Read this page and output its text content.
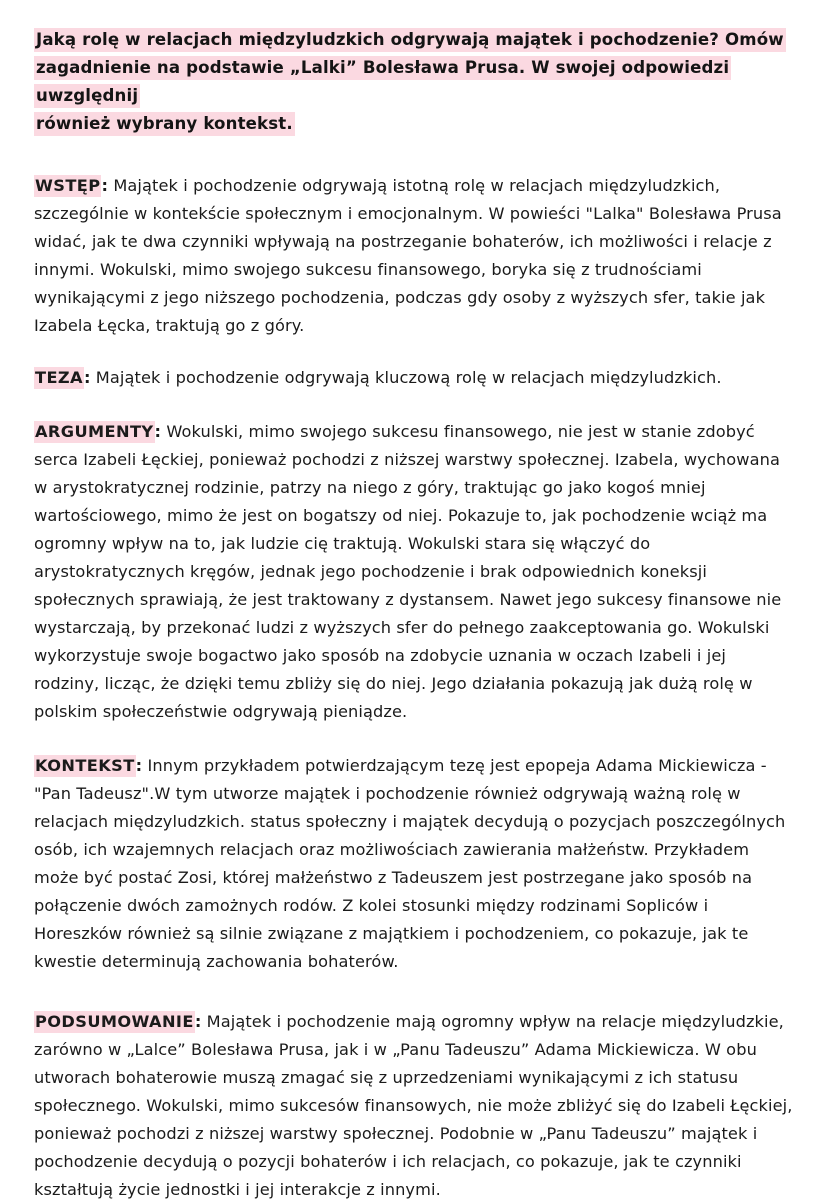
Jaką rolę w relacjach międzyludzkich odgrywają majątek i pochodzenie? Omów
zagadnienie na podstawie „Lalki” Bolesława Prusa. W swojej odpowiedzi uwzględnij
również wybrany kontekst.

WSTĘP: Majątek i pochodzenie odgrywają istotną rolę w relacjach międzyludzkich, szczególnie w kontekście społecznym i emocjonalnym. W powieści "Lalka" Bolesława Prusa widać, jak te dwa czynniki wpływają na postrzeganie bohaterów, ich możliwości i relacje z innymi. Wokulski, mimo swojego sukcesu finansowego, boryka się z trudnościami wynikającymi z jego niższego pochodzenia, podczas gdy osoby z wyższych sfer, takie jak Izabela Łęcka, traktują go z góry.

TEZA: Majątek i pochodzenie odgrywają kluczową rolę w relacjach międzyludzkich.

ARGUMENTY: Wokulski, mimo swojego sukcesu finansowego, nie jest w stanie zdobyć serca Izabeli Łęckiej, ponieważ pochodzi z niższej warstwy społecznej. Izabela, wychowana w arystokratycznej rodzinie, patrzy na niego z góry, traktując go jako kogoś mniej wartościowego, mimo że jest on bogatszy od niej. Pokazuje to, jak pochodzenie wciąż ma ogromny wpływ na to, jak ludzie cię traktują. Wokulski stara się włączyć do arystokratycznych kręgów, jednak jego pochodzenie i brak odpowiednich koneksji społecznych sprawiają, że jest traktowany z dystansem. Nawet jego sukcesy finansowe nie wystarczają, by przekonać ludzi z wyższych sfer do pełnego zaakceptowania go. Wokulski wykorzystuje swoje bogactwo jako sposób na zdobycie uznania w oczach Izabeli i jej rodziny, licząc, że dzięki temu zbliży się do niej. Jego działania pokazują jak dużą rolę w polskim społeczeństwie odgrywają pieniądze.

KONTEKST: Innym przykładem potwierdzającym tezę jest epopeja Adama Mickiewicza - "Pan Tadeusz".W tym utworze majątek i pochodzenie również odgrywają ważną rolę w relacjach międzyludzkich. status społeczny i majątek decydują o pozycjach poszczególnych osób, ich wzajemnych relacjach oraz możliwościach zawierania małżeństw. Przykładem może być postać Zosi, której małżeństwo z Tadeuszem jest postrzegane jako sposób na połączenie dwóch zamożnych rodów. Z kolei stosunki między rodzinami Sopliców i Horeszków również są silnie związane z majątkiem i pochodzeniem, co pokazuje, jak te kwestie determinują zachowania bohaterów.

PODSUMOWANIE: Majątek i pochodzenie mają ogromny wpływ na relacje międzyludzkie, zarówno w „Lalce” Bolesława Prusa, jak i w „Panu Tadeuszu” Adama Mickiewicza. W obu utworach bohaterowie muszą zmagać się z uprzedzeniami wynikającymi z ich statusu społecznego. Wokulski, mimo sukcesów finansowych, nie może zbliżyć się do Izabeli Łęckiej, ponieważ pochodzi z niższej warstwy społecznej. Podobnie w „Panu Tadeuszu” majątek i pochodzenie decydują o pozycji bohaterów i ich relacjach, co pokazuje, jak te czynniki kształtują życie jednostki i jej interakcje z innymi.
